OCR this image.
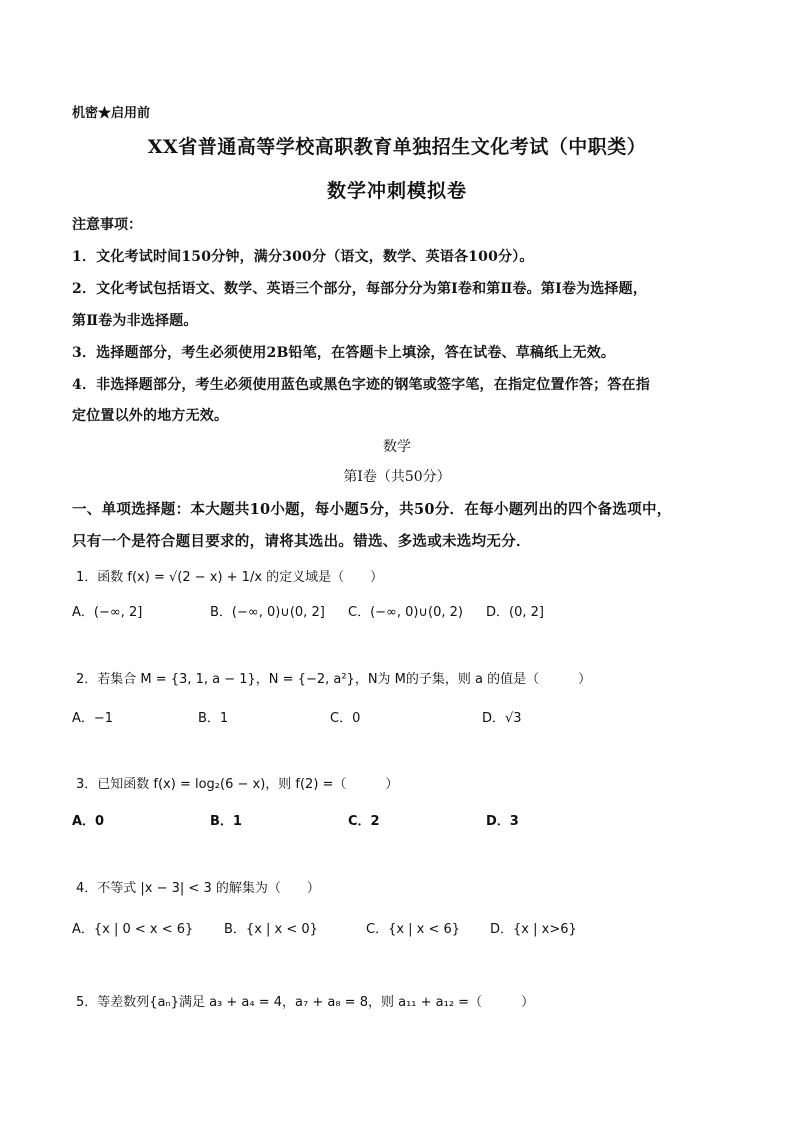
机密★启用前
XX省普通高等学校高职教育单独招生文化考试（中职类）
数学冲刺模拟卷
注意事项：
1．文化考试时间150分钟，满分300分（语文，数学、英语各100分）。
2．文化考试包括语文、数学、英语三个部分，每部分分为第Ⅰ卷和第Ⅱ卷。第Ⅰ卷为选择题，
第Ⅱ卷为非选择题。
3．选择题部分，考生必须使用2B铅笔，在答题卡上填涂，答在试卷、草稿纸上无效。
4．非选择题部分，考生必须使用蓝色或黑色字迹的钢笔或签字笔，在指定位置作答；答在指
定位置以外的地方无效。
数学
第Ⅰ卷（共50分）
一、单项选择题：本大题共10小题，每小题5分，共50分．在每小题列出的四个备选项中，
只有一个是符合题目要求的，请将其选出。错选、多选或未选均无分．
1．函数 f(x) = √(2 − x) + 1/x 的定义域是（　　）
A．(−∞, 2]	B．(−∞, 0)∪(0, 2] C．(−∞, 0)∪(0, 2) D．(0, 2]
2．若集合 M = {3, 1, a − 1}，N = {−2, a²}，N为 M的子集，则 a 的值是（　　　）
A．−1	B．1	C．0	D．√3
3．已知函数 f(x) = log₂(6 − x)，则 f(2) =（　　　）
A．0	B．1	C．2	D．3
4．不等式 |x − 3| < 3 的解集为（　　）
A．{x | 0 < x < 6} B．{x | x < 0}	C．{x | x < 6} D．{x | x>6}
5．等差数列{aₙ}满足 a₃ + a₄ = 4，a₇ + a₈ = 8，则 a₁₁ + a₁₂ =（　　　）
